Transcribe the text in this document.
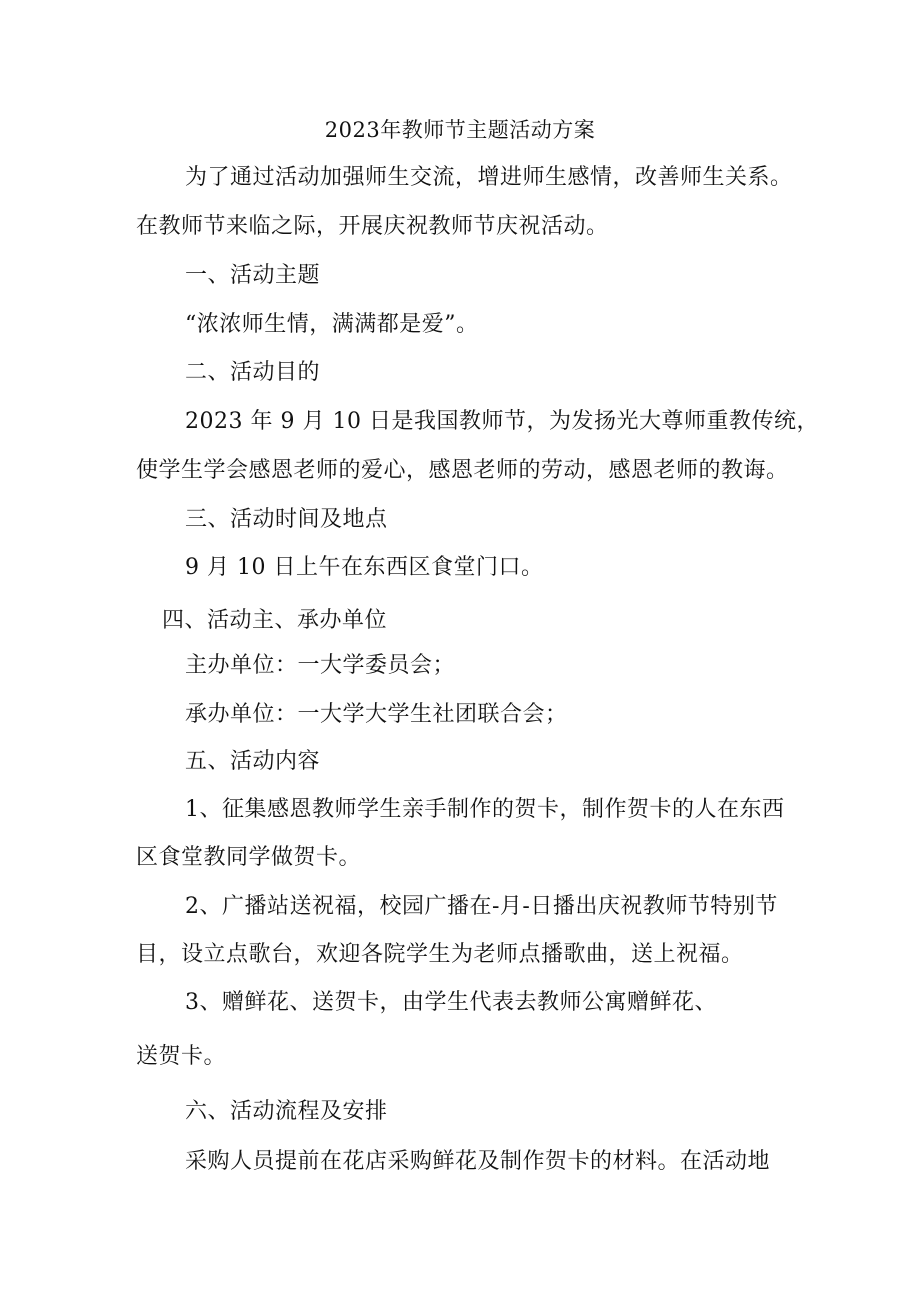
2023年教师节主题活动方案
为了通过活动加强师生交流，增进师生感情，改善师生关系。
在教师节来临之际，开展庆祝教师节庆祝活动。
一、活动主题
“浓浓师生情，满满都是爱”。
二、活动目的
2023 年 9 月 10 日是我国教师节，为发扬光大尊师重教传统，
使学生学会感恩老师的爱心，感恩老师的劳动，感恩老师的教诲。
三、活动时间及地点
9 月 10 日上午在东西区食堂门口。
四、活动主、承办单位
主办单位：一大学委员会；
承办单位：一大学大学生社团联合会；
五、活动内容
1、征集感恩教师学生亲手制作的贺卡，制作贺卡的人在东西
区食堂教同学做贺卡。
2、广播站送祝福，校园广播在-月-日播出庆祝教师节特别节
目，设立点歌台，欢迎各院学生为老师点播歌曲，送上祝福。
3、赠鲜花、送贺卡，由学生代表去教师公寓赠鲜花、
送贺卡。
六、活动流程及安排
采购人员提前在花店采购鲜花及制作贺卡的材料。在活动地
